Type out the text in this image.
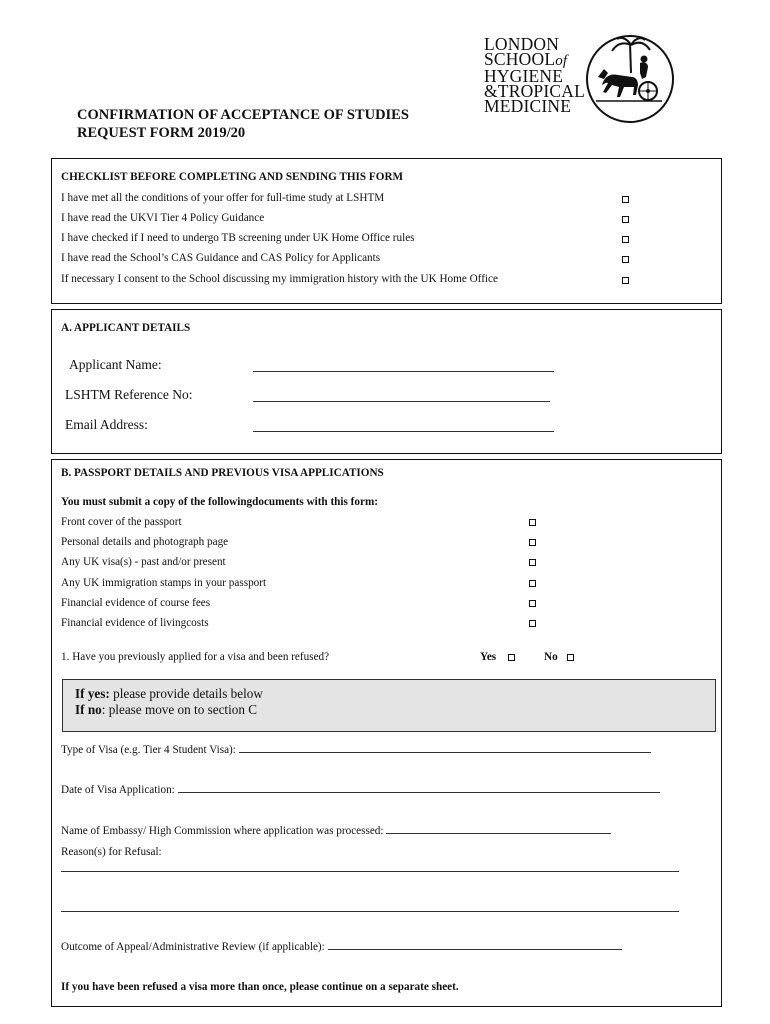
CONFIRMATION OF ACCEPTANCE OF STUDIES
REQUEST FORM 2019/20
LONDON
SCHOOLof
HYGIENE
&TROPICAL
MEDICINE
CHECKLIST BEFORE COMPLETING AND SENDING THIS FORM
I have met all the conditions of your offer for full-time study at LSHTM
I have read the UKVI Tier 4 Policy Guidance
I have checked if I need to undergo TB screening under UK Home Office rules
I have read the School’s CAS Guidance and CAS Policy for Applicants
If necessary I consent to the School discussing my immigration history with the UK Home Office
A. APPLICANT DETAILS
Applicant Name:
LSHTM Reference No:
Email Address:
B. PASSPORT DETAILS AND PREVIOUS VISA APPLICATIONS
You must submit a copy of the followingdocuments with this form:
Front cover of the passport
Personal details and photograph page
Any UK visa(s) - past and/or present
Any UK immigration stamps in your passport
Financial evidence of course fees
Financial evidence of livingcosts
1. Have you previously applied for a visa and been refused?	Yes	No
If yes: please provide details below
If no: please move on to section C
Type of Visa (e.g. Tier 4 Student Visa):
Date of Visa Application:
Name of Embassy/ High Commission where application was processed:
Reason(s) for Refusal:
Outcome of Appeal/Administrative Review (if applicable):
If you have been refused a visa more than once, please continue on a separate sheet.
